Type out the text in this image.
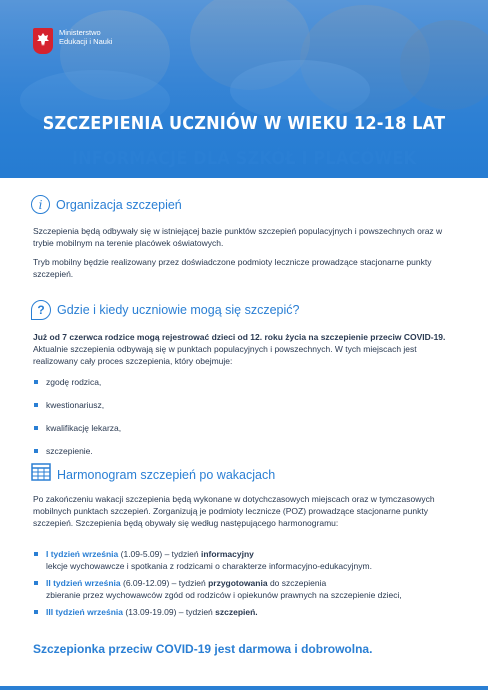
Ministerstwo
Edukacji i Nauki
SZCZEPIENIA UCZNIÓW W WIEKU 12-18 LAT
INFORMACJE DLA SZKÓŁ I PLACÓWEK
i	Organizacja szczepień

Szczepienia będą odbywały się w istniejącej bazie punktów szczepień populacyjnych i powszechnych oraz w trybie mobilnym na terenie placówek oświatowych.

Tryb mobilny będzie realizowany przez doświadczone podmioty lecznicze prowadzące stacjonarne punkty szczepień.

? Gdzie i kiedy uczniowie mogą się szczepić?

Już od 7 czerwca rodzice mogą rejestrować dzieci od 12. roku życia na szczepienie przeciw COVID-19. Aktualnie szczepienia odbywają się w punktach populacyjnych i powszechnych. W tych miejscach jest realizowany cały proces szczepienia, który obejmuje:

zgodę rodzica,
kwestionariusz,
kwalifikację lekarza,
szczepienie.
Harmonogram szczepień po wakacjach

Po zakończeniu wakacji szczepienia będą wykonane w dotychczasowych miejscach oraz w tymczasowych mobilnych punktach szczepień. Zorganizują je podmioty lecznicze (POZ) prowadzące stacjonarne punkty szczepień. Szczepienia będą obywały się według następującego harmonogramu:

I tydzień września (1.09-5.09) – tydzień informacyjny
lekcje wychowawcze i spotkania z rodzicami o charakterze informacyjno-edukacyjnym.
II tydzień września (6.09-12.09) – tydzień przygotowania do szczepienia
zbieranie przez wychowawców zgód od rodziców i opiekunów prawnych na szczepienie dzieci,
III tydzień września (13.09-19.09) – tydzień szczepień.
Szczepionka przeciw COVID-19 jest darmowa i dobrowolna.
